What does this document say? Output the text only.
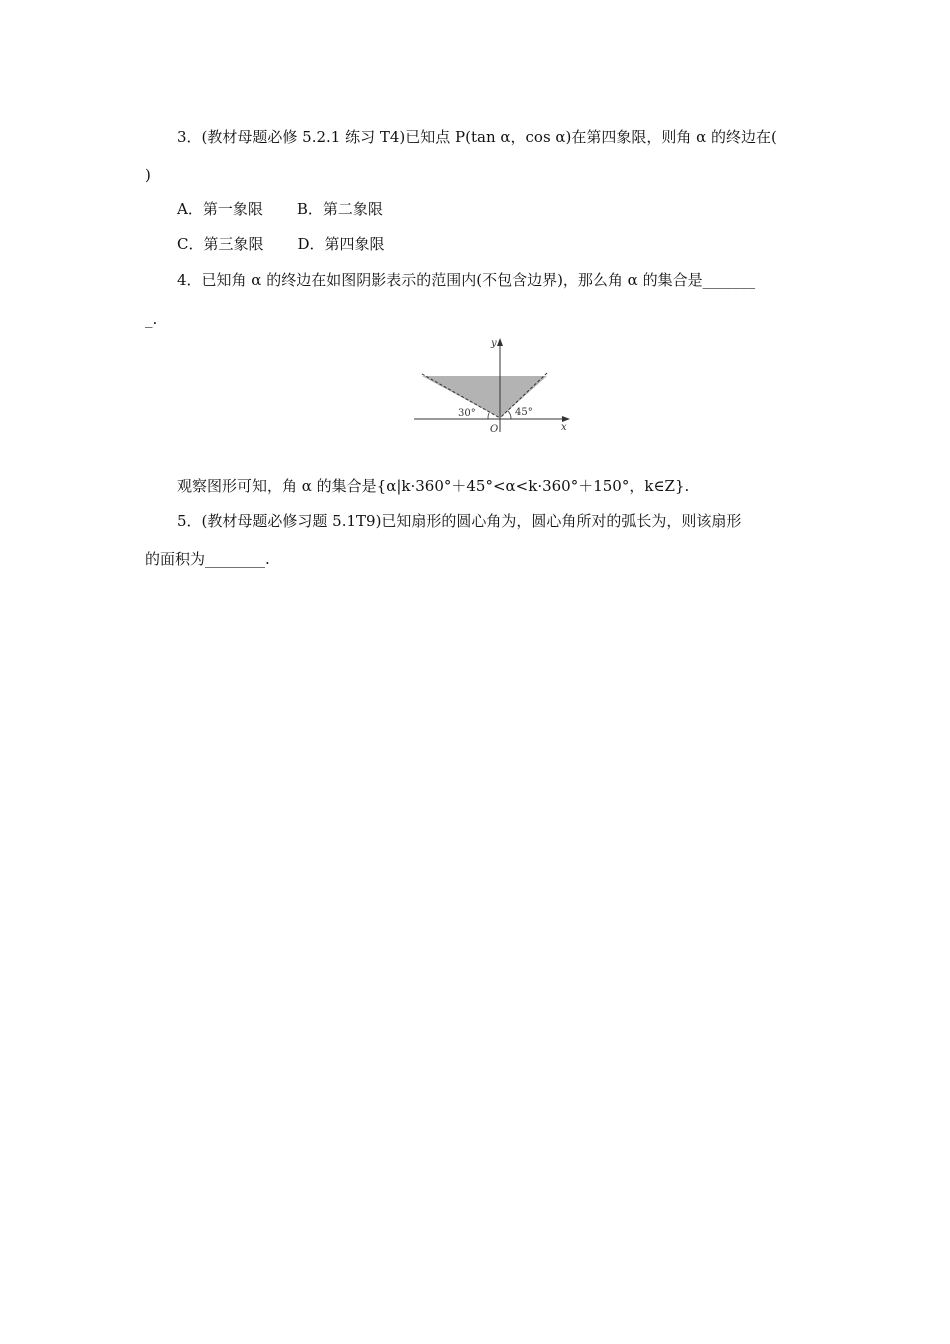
3．(教材母题必修 5.2.1 练习 T4)已知点 P(tan α，cos α)在第四象限，则角 α 的终边在(
)
A．第一象限 B．第二象限
C．第三象限 D．第四象限
4．已知角 α 的终边在如图阴影表示的范围内(不包含边界)，那么角 α 的集合是_______
_.
y
x
O
30°	45°
观察图形可知，角 α 的集合是{α|k·360°＋45°<α<k·360°＋150°，k∈Z}.
5．(教材母题必修习题 5.1T9)已知扇形的圆心角为，圆心角所对的弧长为，则该扇形
的面积为________.
